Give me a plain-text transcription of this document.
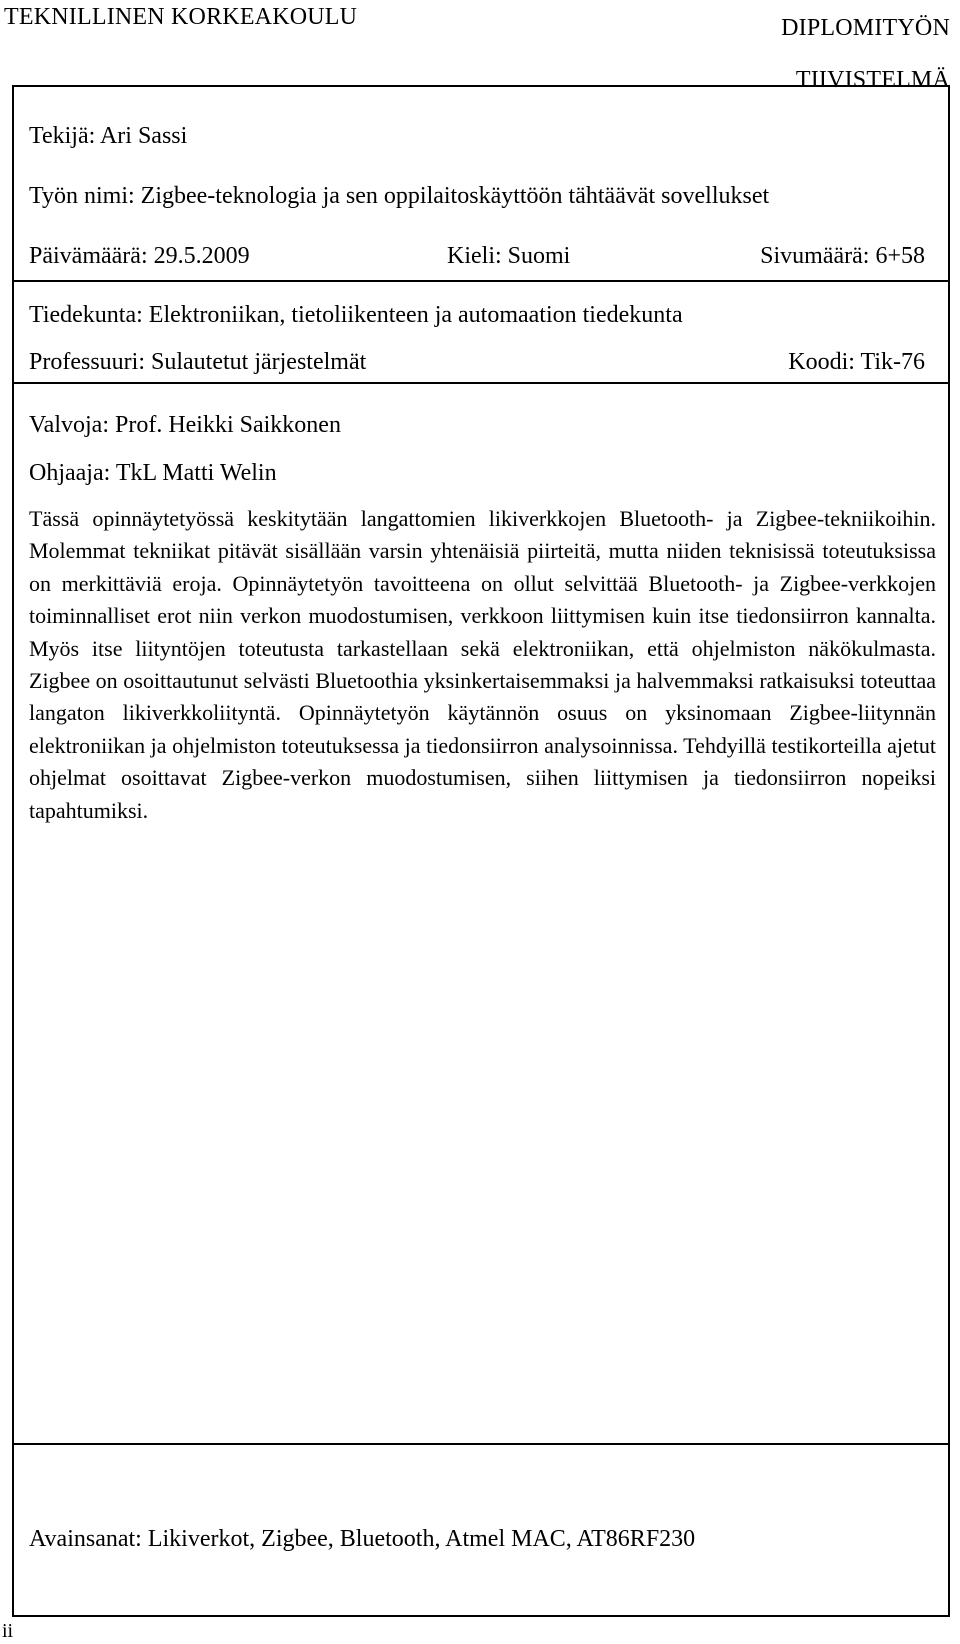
TEKNILLINEN KORKEAKOULU	DIPLOMITYÖN
TIIVISTELMÄ
Tekijä: Ari Sassi
Työn nimi: Zigbee-teknologia ja sen oppilaitoskäyttöön tähtäävät sovellukset
Päivämäärä: 29.5.2009	Kieli: Suomi	Sivumäärä: 6+58
Tiedekunta: Elektroniikan, tietoliikenteen ja automaation tiedekunta
Professuuri: Sulautetut järjestelmät	Koodi: Tik-76
Valvoja: Prof. Heikki Saikkonen
Ohjaaja: TkL Matti Welin

Tässä opinnäytetyössä keskitytään langattomien likiverkkojen Bluetooth- ja Zigbee-tekniikoihin. Molemmat tekniikat pitävät sisällään varsin yhtenäisiä piirteitä, mutta niiden teknisissä toteutuksissa on merkittäviä eroja. Opinnäytetyön tavoitteena on ollut selvittää Bluetooth- ja Zigbee-verkkojen toiminnalliset erot niin verkon muodostumisen, verkkoon liittymisen kuin itse tiedonsiirron kannalta. Myös itse liityntöjen toteutusta tarkastellaan sekä elektroniikan, että ohjelmiston näkökulmasta. Zigbee on osoittautunut selvästi Bluetoothia yksinkertaisemmaksi ja halvemmaksi ratkaisuksi toteuttaa langaton likiverkkoliityntä. Opinnäytetyön käytännön osuus on yksinomaan Zigbee-liitynnän elektroniikan ja ohjelmiston toteutuksessa ja tiedonsiirron analysoinnissa. Tehdyillä testikorteilla ajetut ohjelmat osoittavat Zigbee-verkon muodostumisen, siihen liittymisen ja tiedonsiirron nopeiksi tapahtumiksi.

Avainsanat: Likiverkot, Zigbee, Bluetooth, Atmel MAC, AT86RF230
ii
